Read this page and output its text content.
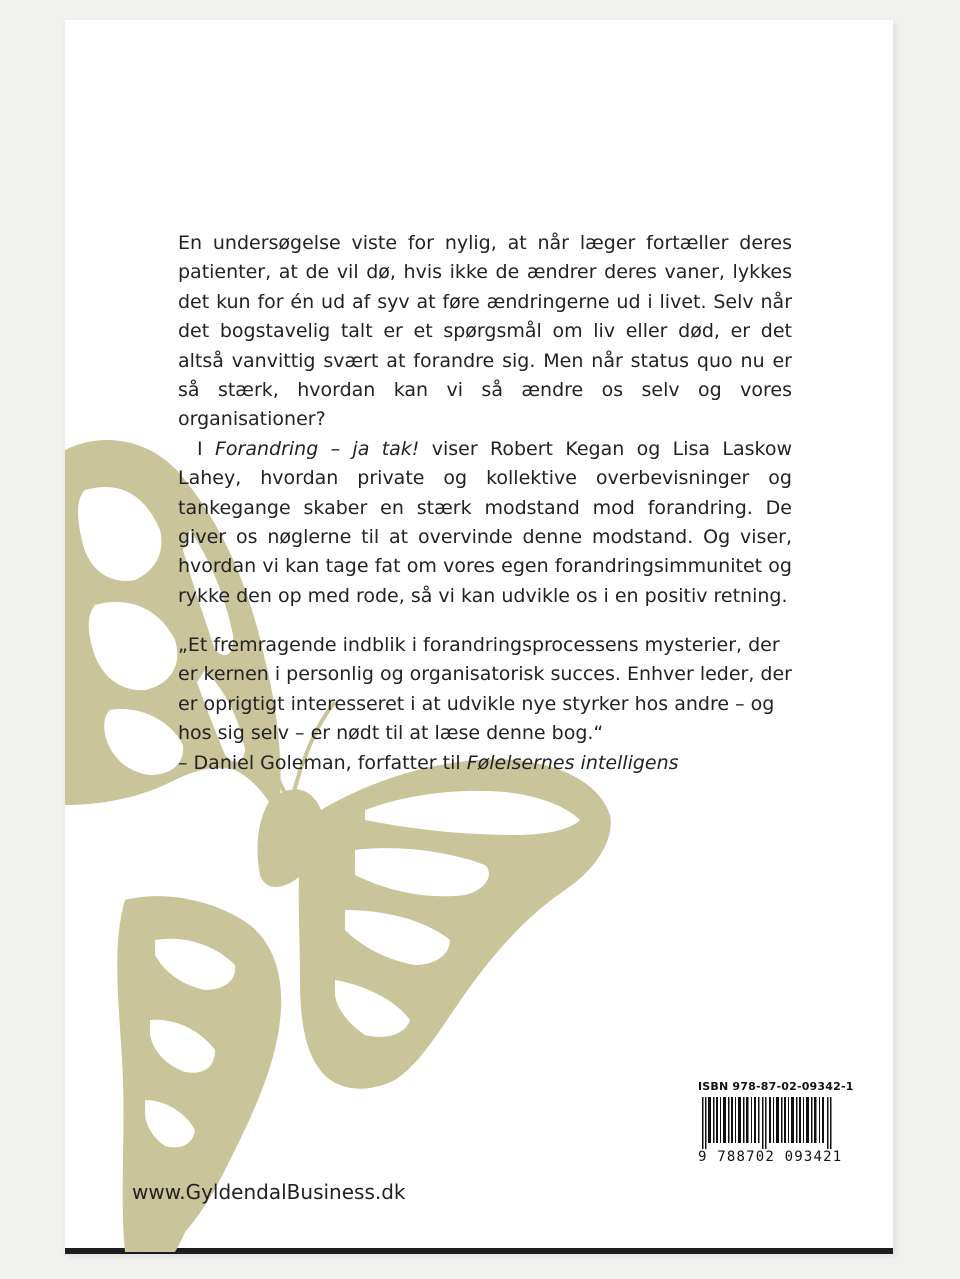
En undersøgelse viste for nylig, at når læger fortæller deres patienter, at de vil dø, hvis ikke de ændrer deres vaner, lykkes det kun for én ud af syv at føre ændringerne ud i livet. Selv når det bogstavelig talt er et spørgsmål om liv eller død, er det altså vanvittig svært at forandre sig. Men når status quo nu er så stærk, hvordan kan vi så ændre os selv og vores organisationer?

I Forandring – ja tak! viser Robert Kegan og Lisa Laskow Lahey, hvordan private og kollektive overbevisninger og tankegange skaber en stærk modstand mod forandring. De giver os nøglerne til at overvinde denne modstand. Og viser, hvordan vi kan tage fat om vores egen forandringsimmunitet og rykke den op med rode, så vi kan udvikle os i en positiv retning.

„Et fremragende indblik i forandringsprocessens mysterier, der er kernen i personlig og organisatorisk succes. Enhver leder, der er oprigtigt interesseret i at udvikle nye styrker hos andre – og hos sig selv – er nødt til at læse denne bog.“

– Daniel Goleman, forfatter til Følelsernes intelligens

www.GyldendalBusiness.dk
ISBN 978-87-02-09342-1
9 788702 093421
